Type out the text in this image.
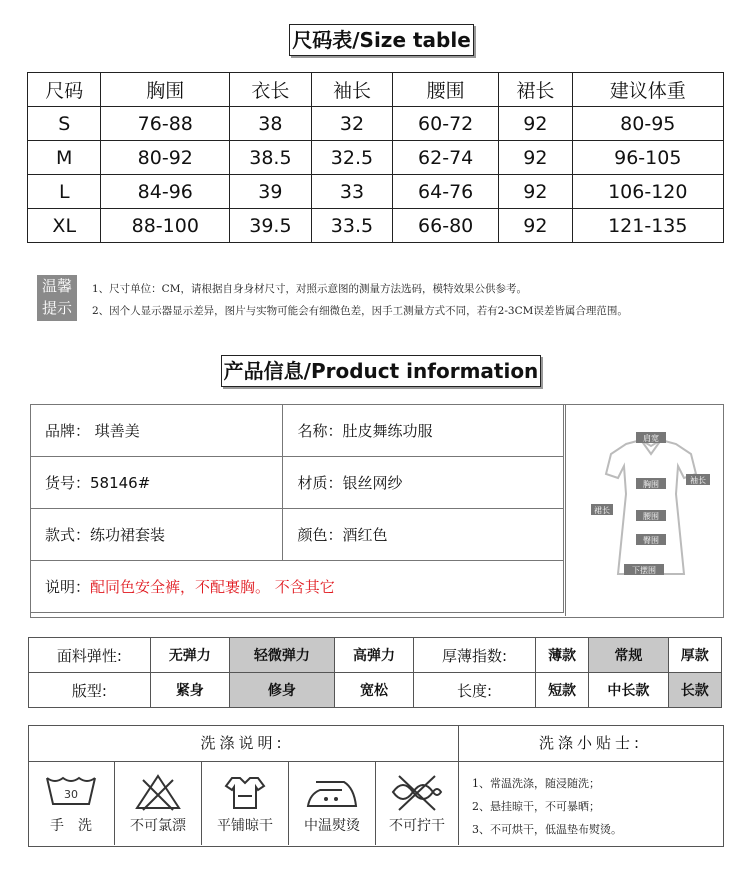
尺码表/Size table
尺码	胸围	衣长	袖长	腰围	裙长	建议体重
S	76-88	38	32	60-72	92	80-95
M	80-92	38.5	32.5	62-74	92	96-105
L	84-96	39	33	64-76	92	106-120
XL	88-100	39.5	33.5	66-80	92	121-135
温馨
提示
1、尺寸单位：CM，请根据自身身材尺寸，对照示意图的测量方法选码，模特效果公供参考。
2、因个人显示器显示差异，图片与实物可能会有细微色差，因手工测量方式不同，若有2-3CM误差皆属合理范围。
产品信息/Product information
品牌： 琪善美	名称：肚皮舞练功服
货号：58146#	材质：银丝网纱
款式：练功裙套装	颜色：酒红色
说明：配同色安全裤，不配裹胸。 不含其它	
肩宽
袖长
胸围
裙长
腰围
臀围
下摆围
面料弹性:	无弹力	轻微弹力	高弹力	厚薄指数:	薄款	常规	厚款
版型:	紧身	修身	宽松	长度:	短款	中长款	长款
洗涤说明:	洗涤小贴士:
30
手　洗	不可氯漂	平铺晾干	中温熨烫	不可拧干
1、常温洗涤，随浸随洗；
2、悬挂晾干，不可暴晒；
3、不可烘干，低温垫布熨烫。
